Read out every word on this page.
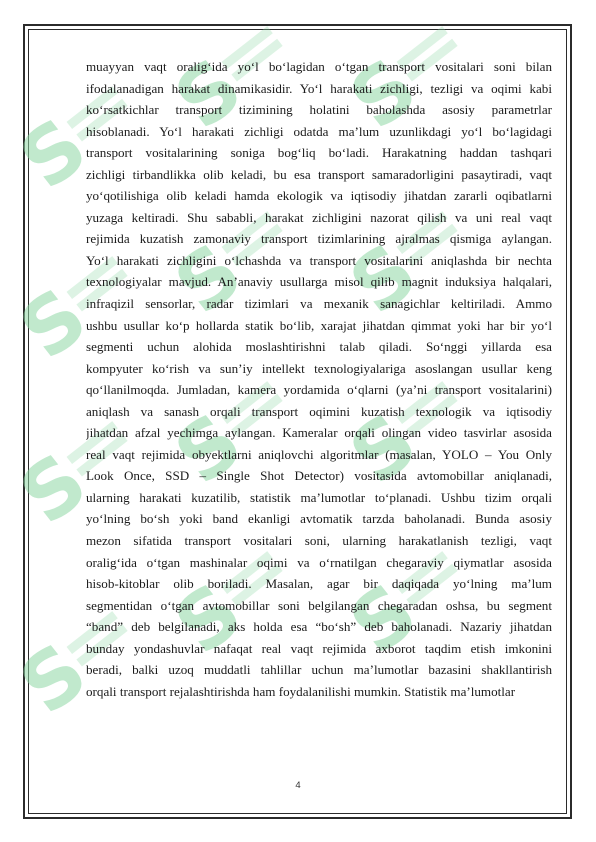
S
S S
S S S
S S S
S
S S
muayyan vaqt oralig‘ida yo‘l bo‘lagidan o‘tgan transport vositalari soni bilan
ifodalanadigan harakat dinamikasidir. Yo‘l harakati zichligi, tezligi va oqimi kabi
ko‘rsatkichlar transport tizimining holatini baholashda asosiy parametrlar
hisoblanadi. Yo‘l harakati zichligi odatda ma’lum uzunlikdagi yo‘l bo‘lagidagi
transport vositalarining soniga bog‘liq bo‘ladi. Harakatning haddan tashqari
zichligi tirbandlikka olib keladi, bu esa transport samaradorligini pasaytiradi, vaqt
yo‘qotilishiga olib keladi hamda ekologik va iqtisodiy jihatdan zararli oqibatlarni
yuzaga keltiradi. Shu sababli, harakat zichligini nazorat qilish va uni real vaqt
rejimida kuzatish zamonaviy transport tizimlarining ajralmas qismiga aylangan.
Yo‘l harakati zichligini o‘lchashda va transport vositalarini aniqlashda bir nechta
texnologiyalar mavjud. An’anaviy usullarga misol qilib magnit induksiya halqalari,
infraqizil sensorlar, radar tizimlari va mexanik sanagichlar keltiriladi. Ammo
ushbu usullar ko‘p hollarda statik bo‘lib, xarajat jihatdan qimmat yoki har bir yo‘l
segmenti uchun alohida moslashtirishni talab qiladi. So‘nggi yillarda esa
kompyuter ko‘rish va sun’iy intellekt texnologiyalariga asoslangan usullar keng
qo‘llanilmoqda. Jumladan, kamera yordamida o‘qlarni (ya’ni transport vositalarini)
aniqlash va sanash orqali transport oqimini kuzatish texnologik va iqtisodiy
jihatdan afzal yechimga aylangan. Kameralar orqali olingan video tasvirlar asosida
real vaqt rejimida obyektlarni aniqlovchi algoritmlar (masalan, YOLO – You Only
Look Once, SSD – Single Shot Detector) vositasida avtomobillar aniqlanadi,
ularning harakati kuzatilib, statistik ma’lumotlar to‘planadi. Ushbu tizim orqali
yo‘lning bo‘sh yoki band ekanligi avtomatik tarzda baholanadi. Bunda asosiy
mezon sifatida transport vositalari soni, ularning harakatlanish tezligi, vaqt
oralig‘ida o‘tgan mashinalar oqimi va o‘rnatilgan chegaraviy qiymatlar asosida
hisob-kitoblar olib boriladi. Masalan, agar bir daqiqada yo‘lning ma’lum
segmentidan o‘tgan avtomobillar soni belgilangan chegaradan oshsa, bu segment
“band” deb belgilanadi, aks holda esa “bo‘sh” deb baholanadi. Nazariy jihatdan
bunday yondashuvlar nafaqat real vaqt rejimida axborot taqdim etish imkonini
beradi, balki uzoq muddatli tahlillar uchun ma’lumotlar bazasini shakllantirish
orqali transport rejalashtirishda ham foydalanilishi mumkin. Statistik ma’lumotlar
4
